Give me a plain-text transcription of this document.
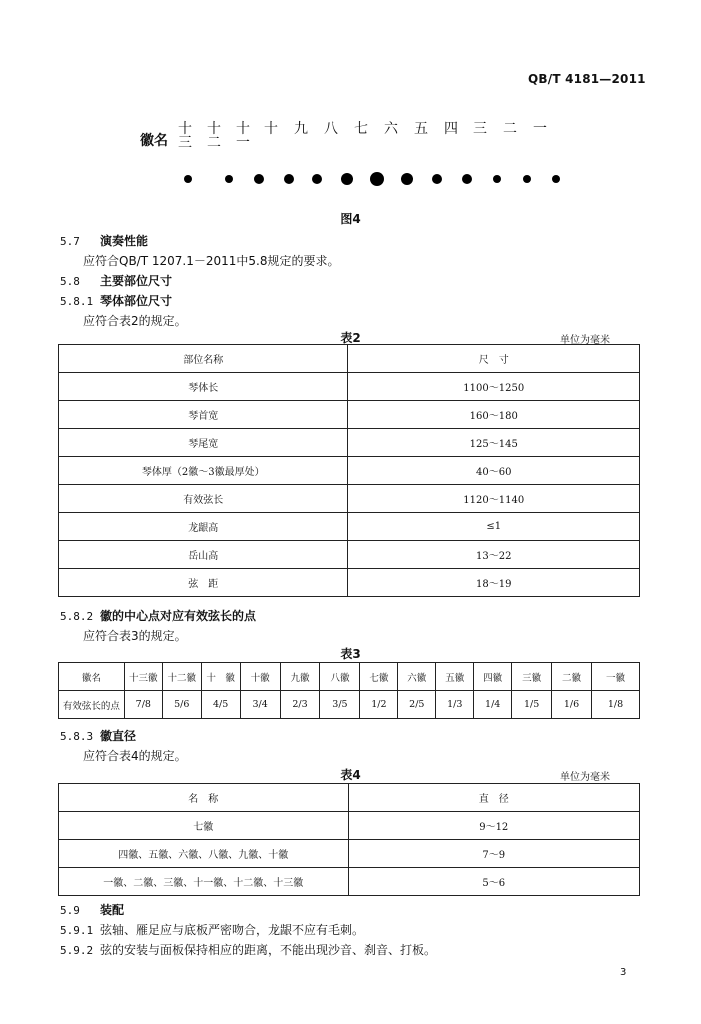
QB/T 4181—2011
徽名
十
三
十
二
十
一
十	九	八	七	六	五	四	三	二	一
图4
5.7 演奏性能
应符合QB/T 1207.1－2011中5.8规定的要求。
5.8 主要部位尺寸
5.8.1 琴体部位尺寸
应符合表2的规定。
表2	单位为毫米
部位名称	尺　寸
琴体长	1100～1250
琴首宽	160～180
琴尾宽	125～145
琴体厚（2徽～3徽最厚处）	40～60
有效弦长	1120～1140
龙龈高	≤1
岳山高	13～22
弦　距	18～19
5.8.2 徽的中心点对应有效弦长的点
应符合表3的规定。
表3
徽名	十三徽	十二徽	十　徽	十徽	九徽	八徽	七徽	六徽	五徽	四徽	三徽	二徽	一徽
有效弦长的点	7/8	5/6	4/5	3/4	2/3	3/5	1/2	2/5	1/3	1/4	1/5	1/6	1/8
5.8.3 徽直径
应符合表4的规定。
表4	单位为毫米
名　称	直　径
七徽	9～12
四徽、五徽、六徽、八徽、九徽、十徽	7～9
一徽、二徽、三徽、十一徽、十二徽、十三徽	5～6
5.9 装配
5.9.1 弦轴、雁足应与底板严密吻合，龙龈不应有毛刺。
5.9.2 弦的安装与面板保持相应的距离，不能出现沙音、刹音、打板。
3
